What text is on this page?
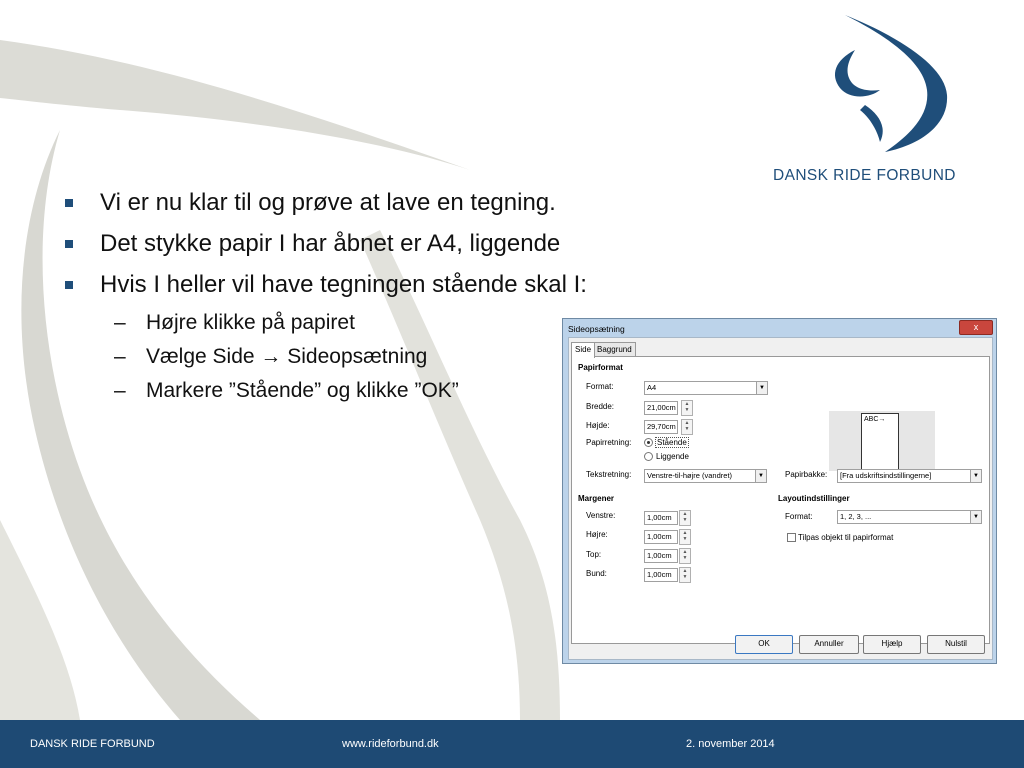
DANSK RIDE FORBUND
Vi er nu klar til og prøve at lave en tegning.
Det stykke papir I har åbnet er A4, liggende
Hvis I heller vil have tegningen stående skal I:
– Højre klikke på papiret
– Vælge Side → Sideopsætning
– Markere ”Stående” og klikke ”OK”
Sideopsætning	x
Side Baggrund
Papirformat
Format:	A4	▼
Bredde:	21,00cm	▲
▼
Højde:	29,70cm	▲
▼
Papirretning:	Stående
Liggende
Tekstretning:	Venstre-til-højre (vandret)	▼
ABC→
Papirbakke:	[Fra udskriftsindstillingerne]	▼
Margener
Venstre:	1,00cm	▲
▼
Højre:	1,00cm	▲
▼
Top:	1,00cm	▲
▼
Bund:	1,00cm	▲
▼
Layoutindstillinger
Format:	1, 2, 3, ...	▼
Tilpas objekt til papirformat
OK	Annuller	Hjælp	Nulstil
DANSK RIDE FORBUND	www.rideforbund.dk	2. november 2014
